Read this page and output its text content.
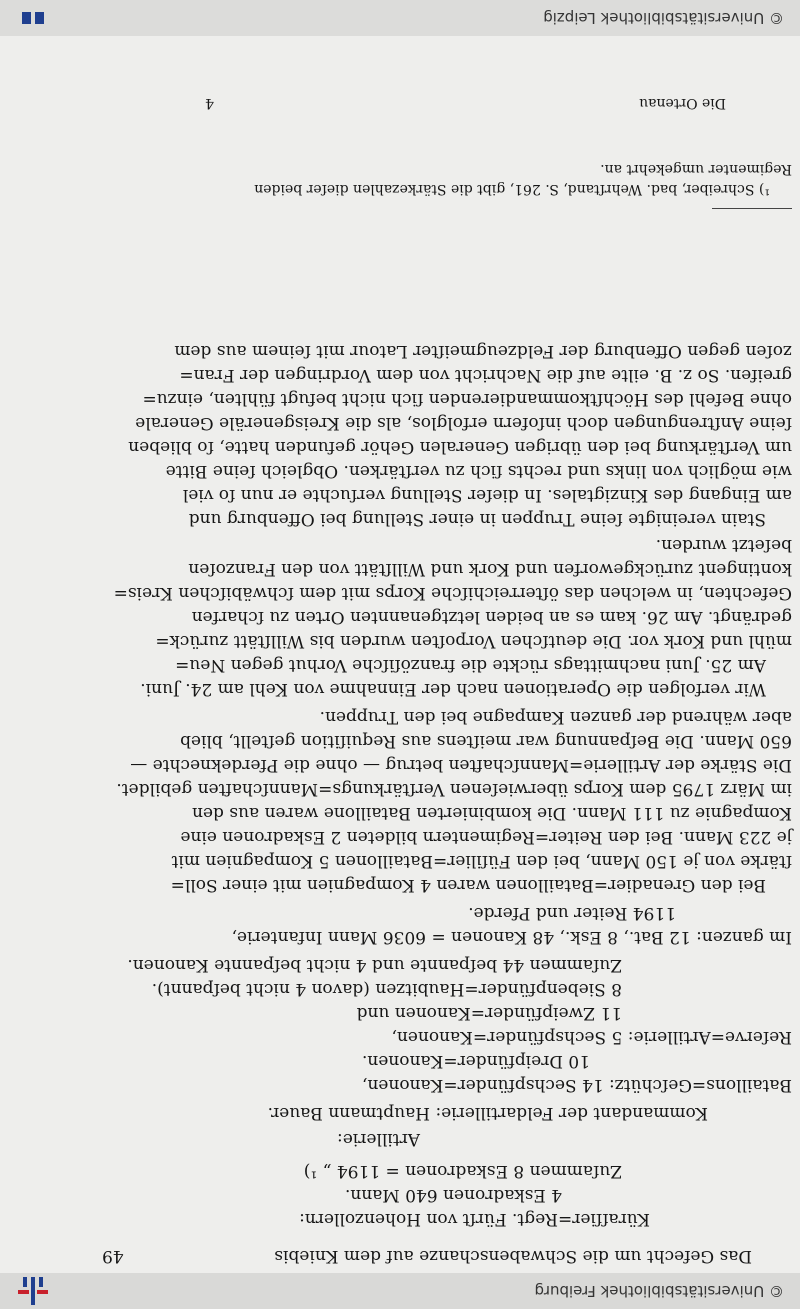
© Universitätsbibliothek Freiburg
Das Gefecht um die Schwabenschanze auf dem Kniebis
49
Küraſſier=Regt. Fürſt von Hohenzollern:
4 Eskadronen 640 Mann.
Zuſammen 8 Eskadronen = 1194 „ ¹)
Artillerie:
Kommandant der Feldartillerie: Hauptmann Bauer.
Bataillons=Geſchütz: 14 Sechspfünder=Kanonen,
10 Dreipfünder=Kanonen.
Reſerve=Artillerie: 5 Sechspfünder=Kanonen,
11 Zweipfünder=Kanonen und
8 Siebenpfünder=Haubitzen (davon 4 nicht beſpannt).
Zuſammen 44 beſpannte und 4 nicht beſpannte Kanonen.
Im ganzen: 12 Bat., 8 Esk., 48 Kanonen = 6036 Mann Infanterie,
1194 Reiter und Pferde.
Bei den Grenadier=Bataillonen waren 4 Kompagnien mit einer Soll=
ſtärke von je 150 Mann, bei den Füſilier=Bataillonen 5 Kompagnien mit
je 223 Mann. Bei den Reiter=Regimentern bildeten 2 Eskadronen eine
Kompagnie zu 111 Mann. Die kombinierten Bataillone waren aus den
im März 1795 dem Korps überwieſenen Verſtärkungs=Mannſchaften gebildet.
Die Stärke der Artillerie=Mannſchaften betrug — ohne die Pferdeknechte —
650 Mann. Die Beſpannung war meiſtens aus Requiſition geſtellt, blieb
aber während der ganzen Kampagne bei den Truppen.
Wir verfolgen die Operationen nach der Einnahme von Kehl am 24. Juni.
Am 25. Juni nachmittags rückte die franzöſiſche Vorhut gegen Neu=
mühl und Kork vor. Die deutſchen Vorpoſten wurden bis Willſtätt zurück=
gedrängt. Am 26. kam es an beiden letztgenannten Orten zu ſcharfen
Gefechten, in welchen das öſterreichiſche Korps mit dem ſchwäbiſchen Kreis=
kontingent zurückgeworfen und Kork und Willſtätt von den Franzoſen
beſetzt wurden.
Stain vereinigte ſeine Truppen in einer Stellung bei Offenburg und
am Eingang des Kinzigtales. In dieſer Stellung verſuchte er nun ſo viel
wie möglich von links und rechts ſich zu verſtärken. Obgleich ſeine Bitte
um Verſtärkung bei den übrigen Generalen Gehör gefunden hatte, ſo blieben
ſeine Anſtrengungen doch inſofern erfolglos, als die Kreisgeneräle Generale
ohne Befehl des Höchſtkommandierenden ſich nicht befugt fühlten, einzu=
greifen. So z. B. eilte auf die Nachricht von dem Vordringen der Fran=
zoſen gegen Offenburg der Feldzeugmeiſter Latour mit ſeinem aus dem
¹) Schreiber, bad. Wehrſtand, S. 261, gibt die Stärkezahlen dieſer beiden
Regimenter umgekehrt an.
Die Ortenau
4
© Universitätsbibliothek Leipzig
